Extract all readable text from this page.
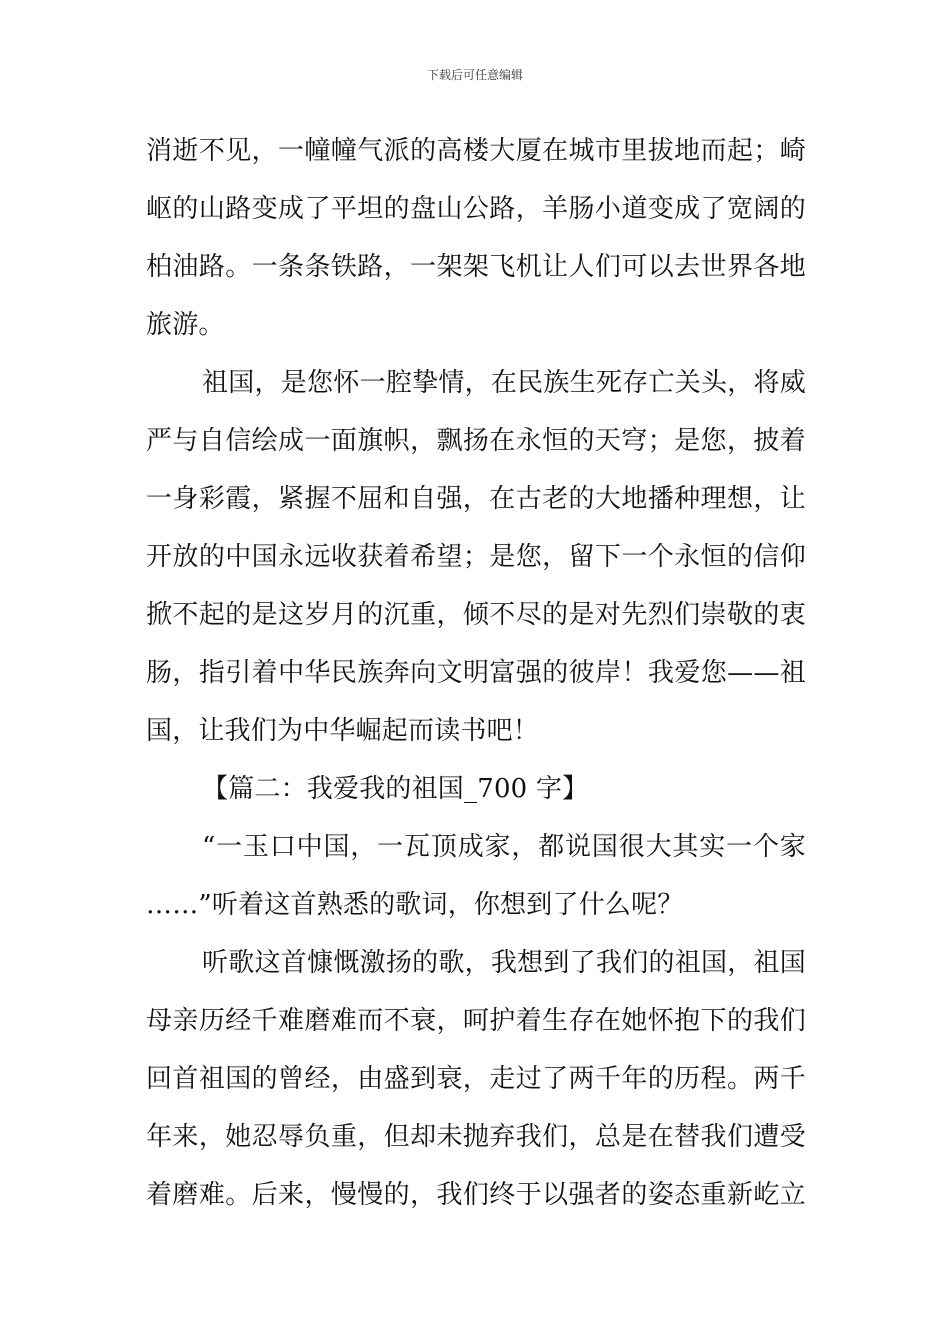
下载后可任意编辑
消逝不见，一幢幢气派的高楼大厦在城市里拔地而起；崎
岖的山路变成了平坦的盘山公路，羊肠小道变成了宽阔的
柏油路。一条条铁路，一架架飞机让人们可以去世界各地
旅游。
祖国，是您怀一腔挚情，在民族生死存亡关头，将威
严与自信绘成一面旗帜，飘扬在永恒的天穹；是您，披着
一身彩霞，紧握不屈和自强，在古老的大地播种理想，让
开放的中国永远收获着希望；是您，留下一个永恒的信仰
掀不起的是这岁月的沉重，倾不尽的是对先烈们崇敬的衷
肠，指引着中华民族奔向文明富强的彼岸！我爱您——祖
国，让我们为中华崛起而读书吧！
【篇二：我爱我的祖国_700 字】
“一玉口中国，一瓦顶成家，都说国很大其实一个家
……”听着这首熟悉的歌词，你想到了什么呢？
听歌这首慷慨激扬的歌，我想到了我们的祖国，祖国
母亲历经千难磨难而不衰，呵护着生存在她怀抱下的我们
回首祖国的曾经，由盛到衰，走过了两千年的历程。两千
年来，她忍辱负重，但却未抛弃我们，总是在替我们遭受
着磨难。后来，慢慢的，我们终于以强者的姿态重新屹立
